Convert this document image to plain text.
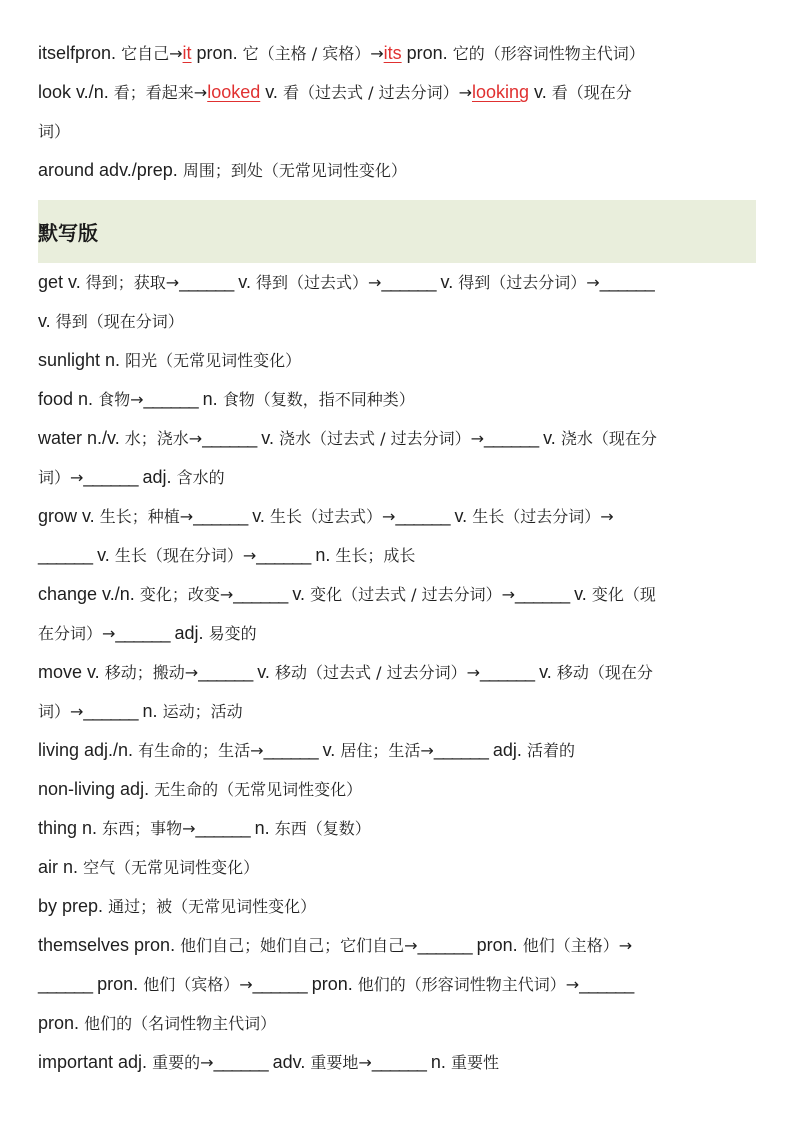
itselfpron. 它自己→it pron. 它（主格 / 宾格）→its pron. 它的（形容词性物主代词）
look v./n. 看；看起来→looked v. 看（过去式 / 过去分词）→looking v. 看（现在分
词）
around adv./prep. 周围；到处（无常见词性变化）
默写版
get v. 得到；获取→______ v. 得到（过去式）→______ v. 得到（过去分词）→______
v. 得到（现在分词）
sunlight n. 阳光（无常见词性变化）
food n. 食物→______ n. 食物（复数，指不同种类）
water n./v. 水；浇水→______ v. 浇水（过去式 / 过去分词）→______ v. 浇水（现在分
词）→______ adj. 含水的
grow v. 生长；种植→______ v. 生长（过去式）→______ v. 生长（过去分词）→
______ v. 生长（现在分词）→______ n. 生长；成长
change v./n. 变化；改变→______ v. 变化（过去式 / 过去分词）→______ v. 变化（现
在分词）→______ adj. 易变的
move v. 移动；搬动→______ v. 移动（过去式 / 过去分词）→______ v. 移动（现在分
词）→______ n. 运动；活动
living adj./n. 有生命的；生活→______ v. 居住；生活→______ adj. 活着的
non-living adj. 无生命的（无常见词性变化）
thing n. 东西；事物→______ n. 东西（复数）
air n. 空气（无常见词性变化）
by prep. 通过；被（无常见词性变化）
themselves pron. 他们自己；她们自己；它们自己→______ pron. 他们（主格）→
______ pron. 他们（宾格）→______ pron. 他们的（形容词性物主代词）→______
pron. 他们的（名词性物主代词）
important adj. 重要的→______ adv. 重要地→______ n. 重要性
